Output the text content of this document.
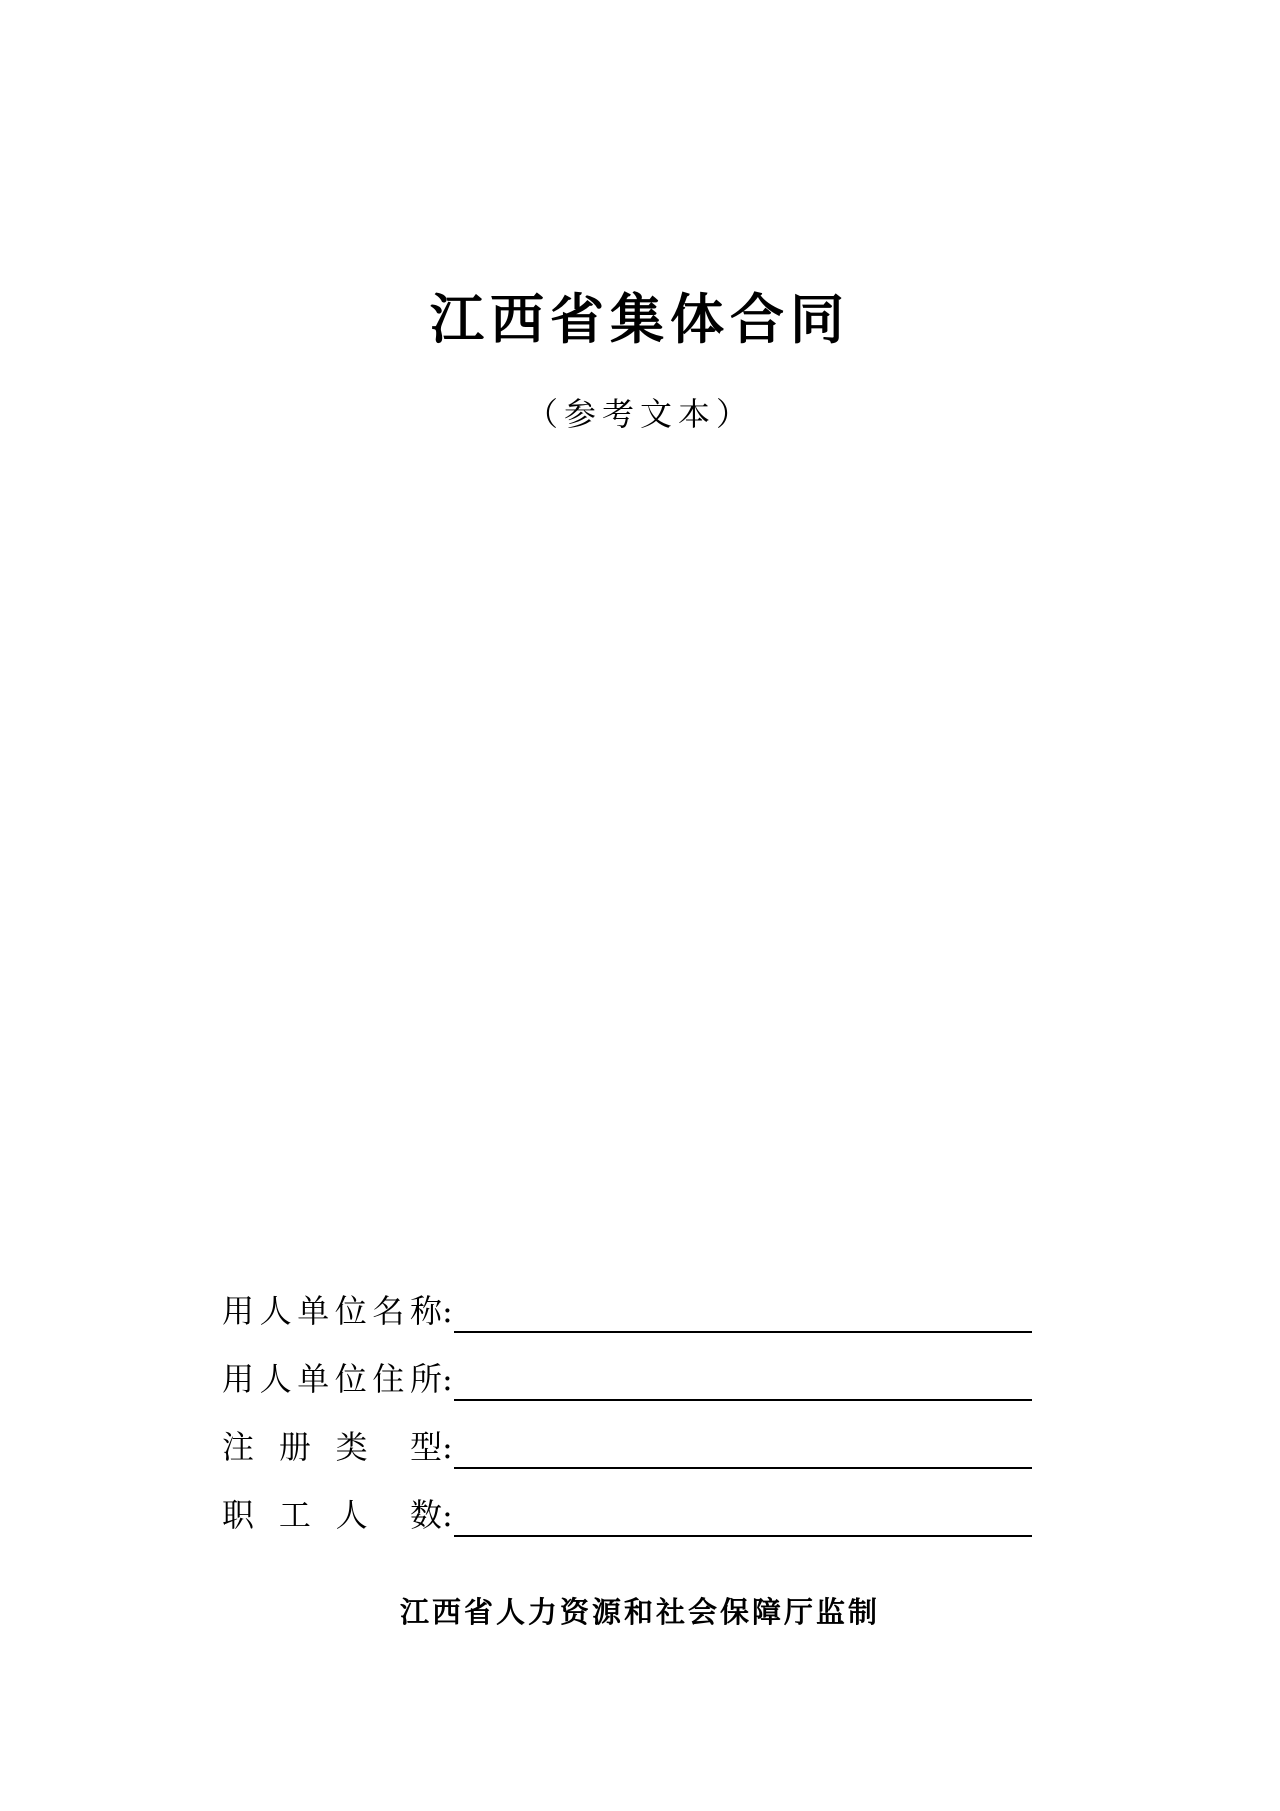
江西省集体合同
（参考文本）
用人单位名称 :
用人单位住所 :
注 册 类  型 :
职 工 人  数 :
江西省人力资源和社会保障厅监制
